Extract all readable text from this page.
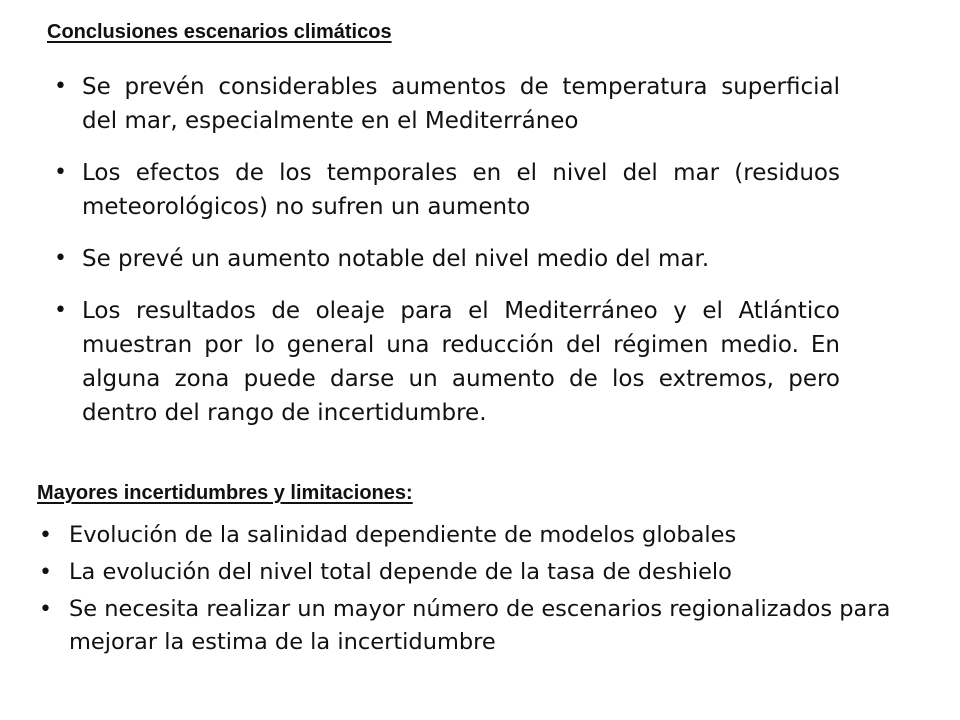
Conclusiones escenarios climáticos
• Se prevén considerables aumentos de temperatura superficial del mar, especialmente en el Mediterráneo
• Los efectos de los temporales en el nivel del mar (residuos meteorológicos) no sufren un aumento
• Se prevé un aumento notable del nivel medio del mar.
• Los resultados de oleaje para el Mediterráneo y el Atlántico muestran por lo general una reducción del régimen medio. En alguna zona puede darse un aumento de los extremos, pero dentro del rango de incertidumbre.
Mayores incertidumbres y limitaciones:
• Evolución de la salinidad dependiente de modelos globales
• La evolución del nivel total depende de la tasa de deshielo
• Se necesita realizar un mayor número de escenarios regionalizados para mejorar la estima de la incertidumbre
